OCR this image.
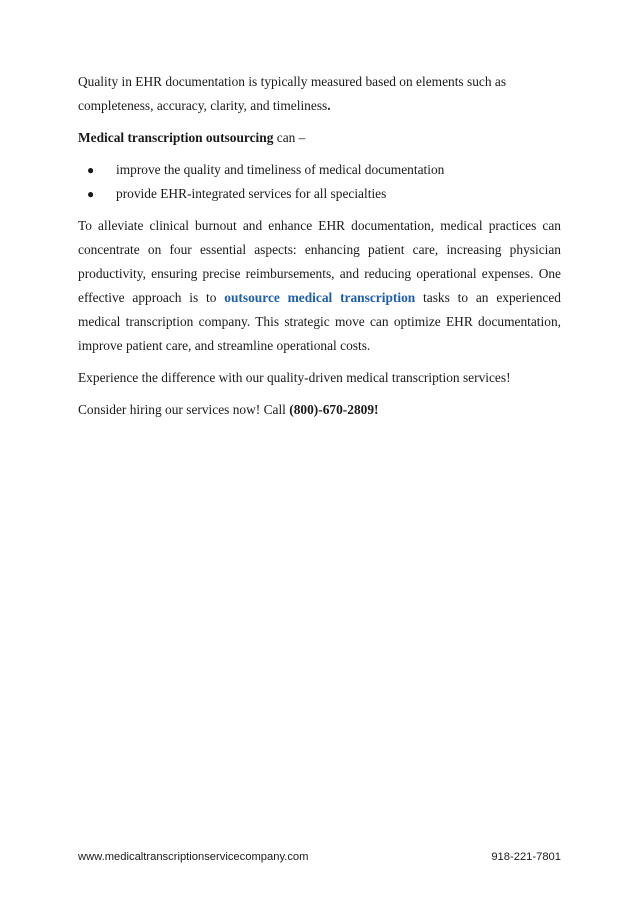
Quality in EHR documentation is typically measured based on elements such as completeness, accuracy, clarity, and timeliness.

Medical transcription outsourcing can –

● improve the quality and timeliness of medical documentation
● provide EHR-integrated services for all specialties

To alleviate clinical burnout and enhance EHR documentation, medical practices can concentrate on four essential aspects: enhancing patient care, increasing physician productivity, ensuring precise reimbursements, and reducing operational expenses. One effective approach is to outsource medical transcription tasks to an experienced medical transcription company. This strategic move can optimize EHR documentation, improve patient care, and streamline operational costs.

Experience the difference with our quality-driven medical transcription services!

Consider hiring our services now! Call (800)-670-2809!

www.medicaltranscriptionservicecompany.com	918-221-7801
